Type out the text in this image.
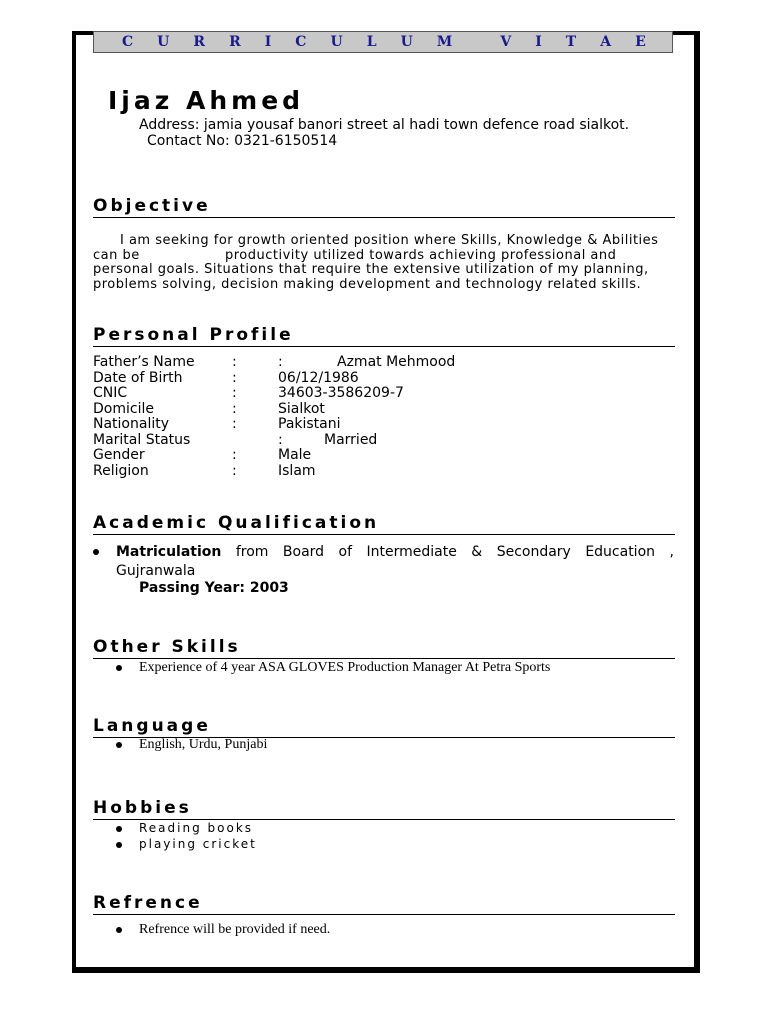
C U R R I C U L U M	V I T A E
Ijaz Ahmed
Address: jamia yousaf banori street al hadi town defence road sialkot.
Contact No: 0321-6150514
Objective
I am seeking for growth oriented position where Skills, Knowledge & Abilities
can be	productivity utilized towards achieving professional and
personal goals. Situations that require the extensive utilization of my planning,
problems solving, decision making development and technology related skills.
Personal Profile
Father’s Name	:	:	Azmat Mehmood
Date of Birth	:	06/12/1986
CNIC	:	34603-3586209-7
Domicile	:	Sialkot
Nationality	:	Pakistani
Marital Status	:	Married
Gender	:	Male
Religion	:	Islam
Academic Qualification
Matriculation from Board of Intermediate & Secondary Education ,
Gujranwala
Passing Year: 2003
Other Skills
Experience of 4 year ASA GLOVES Production Manager At Petra Sports
Language
English, Urdu, Punjabi
Hobbies
Reading books
playing cricket
Refrence
Refrence will be provided if need.
